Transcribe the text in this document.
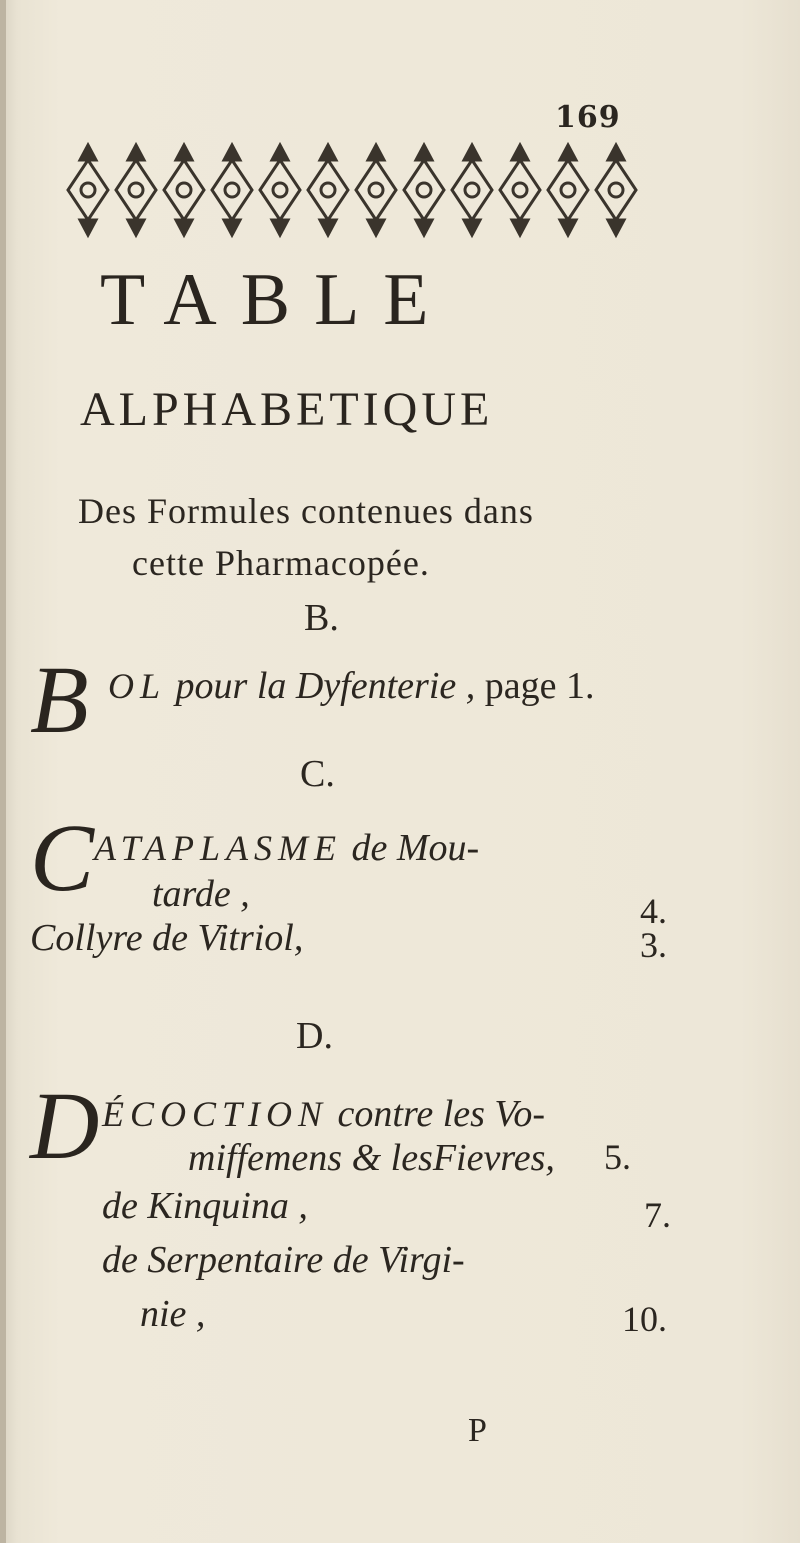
169
TABLE
ALPHABETIQUE
Des Formules contenues dans
cette Pharmacopée.
B.
B OL pour la Dyfenterie , page 1.
C.
C ATAPLASME de Mou-
tarde ,	4.
Collyre de Vitriol,	3.
D.
D ÉCOCTION contre les Vo-
miffemens & lesFievres, 5.
de Kinquina ,	7.
de Serpentaire de Virgi-
nie ,	10.
P
